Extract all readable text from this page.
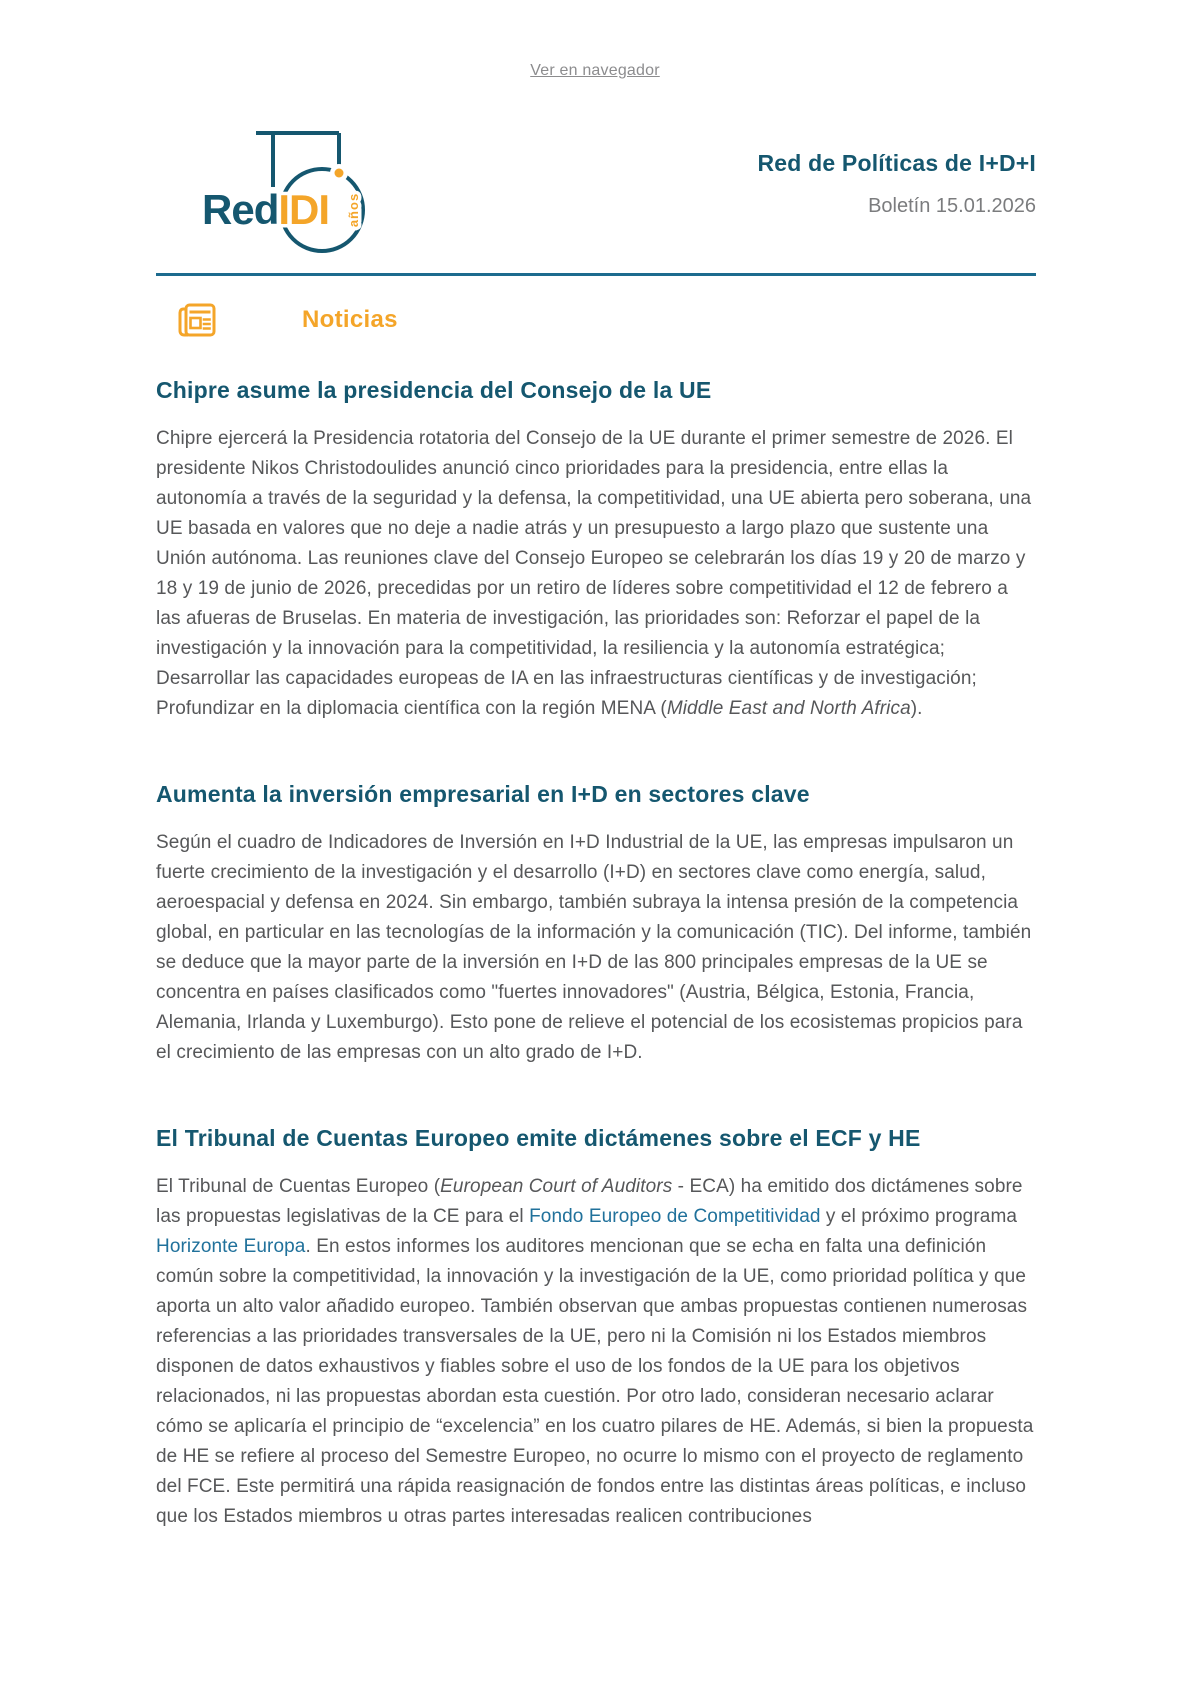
Ver en navegador
años
RedIDI
Red de Políticas de I+D+I
Boletín 15.01.2026
Noticias
Chipre asume la presidencia del Consejo de la UE

Chipre ejercerá la Presidencia rotatoria del Consejo de la UE durante el primer semestre de 2026. El presidente Nikos Christodoulides anunció cinco prioridades para la presidencia, entre ellas la autonomía a través de la seguridad y la defensa, la competitividad, una UE abierta pero soberana, una UE basada en valores que no deje a nadie atrás y un presupuesto a largo plazo que sustente una Unión autónoma. Las reuniones clave del Consejo Europeo se celebrarán los días 19 y 20 de marzo y 18 y 19 de junio de 2026, precedidas por un retiro de líderes sobre competitividad el 12 de febrero a las afueras de Bruselas. En materia de investigación, las prioridades son: Reforzar el papel de la investigación y la innovación para la competitividad, la resiliencia y la autonomía estratégica; Desarrollar las capacidades europeas de IA en las infraestructuras científicas y de investigación; Profundizar en la diplomacia científica con la región MENA (Middle East and North Africa).

Aumenta la inversión empresarial en I+D en sectores clave

Según el cuadro de Indicadores de Inversión en I+D Industrial de la UE, las empresas impulsaron un fuerte crecimiento de la investigación y el desarrollo (I+D) en sectores clave como energía, salud, aeroespacial y defensa en 2024. Sin embargo, también subraya la intensa presión de la competencia global, en particular en las tecnologías de la información y la comunicación (TIC). Del informe, también se deduce que la mayor parte de la inversión en I+D de las 800 principales empresas de la UE se concentra en países clasificados como "fuertes innovadores" (Austria, Bélgica, Estonia, Francia, Alemania, Irlanda y Luxemburgo). Esto pone de relieve el potencial de los ecosistemas propicios para el crecimiento de las empresas con un alto grado de I+D.

El Tribunal de Cuentas Europeo emite dictámenes sobre el ECF y HE

El Tribunal de Cuentas Europeo (European Court of Auditors - ECA) ha emitido dos dictámenes sobre las propuestas legislativas de la CE para el Fondo Europeo de Competitividad y el próximo programa Horizonte Europa. En estos informes los auditores mencionan que se echa en falta una definición común sobre la competitividad, la innovación y la investigación de la UE, como prioridad política y que aporta un alto valor añadido europeo. También observan que ambas propuestas contienen numerosas referencias a las prioridades transversales de la UE, pero ni la Comisión ni los Estados miembros disponen de datos exhaustivos y fiables sobre el uso de los fondos de la UE para los objetivos relacionados, ni las propuestas abordan esta cuestión. Por otro lado, consideran necesario aclarar cómo se aplicaría el principio de “excelencia” en los cuatro pilares de HE. Además, si bien la propuesta de HE se refiere al proceso del Semestre Europeo, no ocurre lo mismo con el proyecto de reglamento del FCE. Este permitirá una rápida reasignación de fondos entre las distintas áreas políticas, e incluso que los Estados miembros u otras partes interesadas realicen contribuciones
